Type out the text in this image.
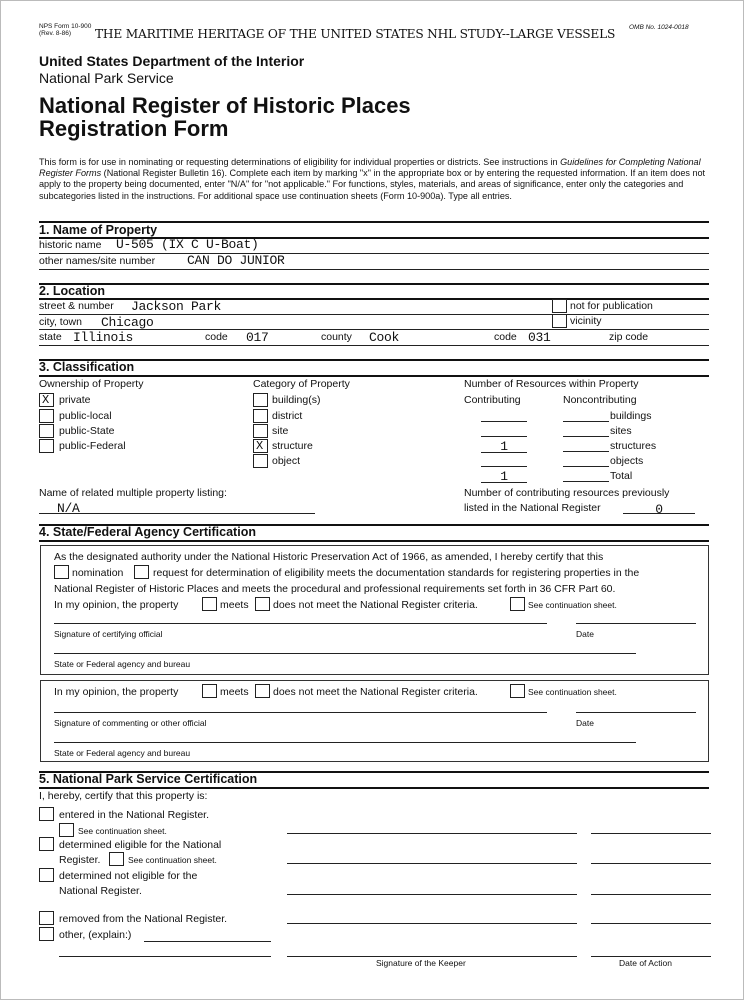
NPS Form 10-900
(Rev. 8-86) THE MARITIME HERITAGE OF THE UNITED STATES NHL STUDY--LARGE VESSELS OMB No. 1024-0018
United States Department of the Interior
National Park Service
National Register of Historic Places
Registration Form
This form is for use in nominating or requesting determinations of eligibility for individual properties or districts. See instructions in Guidelines for Completing National Register Forms (National Register Bulletin 16). Complete each item by marking "x" in the appropriate box or by entering the requested information. If an item does not apply to the property being documented, enter "N/A" for "not applicable." For functions, styles, materials, and areas of significance, enter only the categories and subcategories listed in the instructions. For additional space use continuation sheets (Form 10-900a). Type all entries.
1. Name of Property
historic name U-505 (IX C U-Boat)
other names/site number CAN DO JUNIOR
2. Location
street & number Jackson Park	not for publication
city, town Chicago	vicinity
state Illinois	code 017	county Cook	code 031	zip code
3. Classification
Ownership of Property
X private
public-local
public-State
public-Federal
Category of Property
building(s)
district
site
X structure
object
Number of Resources within Property
Contributing	Noncontributing
buildings
sites
1	structures
objects
1	Total
Name of related multiple property listing:
N/A
Number of contributing resources previously
listed in the National Register	0
4. State/Federal Agency Certification
As the designated authority under the National Historic Preservation Act of 1966, as amended, I hereby certify that this
nomination	request for determination of eligibility meets the documentation standards for registering properties in the
National Register of Historic Places and meets the procedural and professional requirements set forth in 36 CFR Part 60.
In my opinion, the property	meets does not meet the National Register criteria.	See continuation sheet.
Signature of certifying official	Date
State or Federal agency and bureau
In my opinion, the property	meets does not meet the National Register criteria.	See continuation sheet.
Signature of commenting or other official	Date
State or Federal agency and bureau
5. National Park Service Certification
I, hereby, certify that this property is:
entered in the National Register.
See continuation sheet.
determined eligible for the National
Register.	See continuation sheet.
determined not eligible for the
National Register.
removed from the National Register.
other, (explain:)
Signature of the Keeper	Date of Action
